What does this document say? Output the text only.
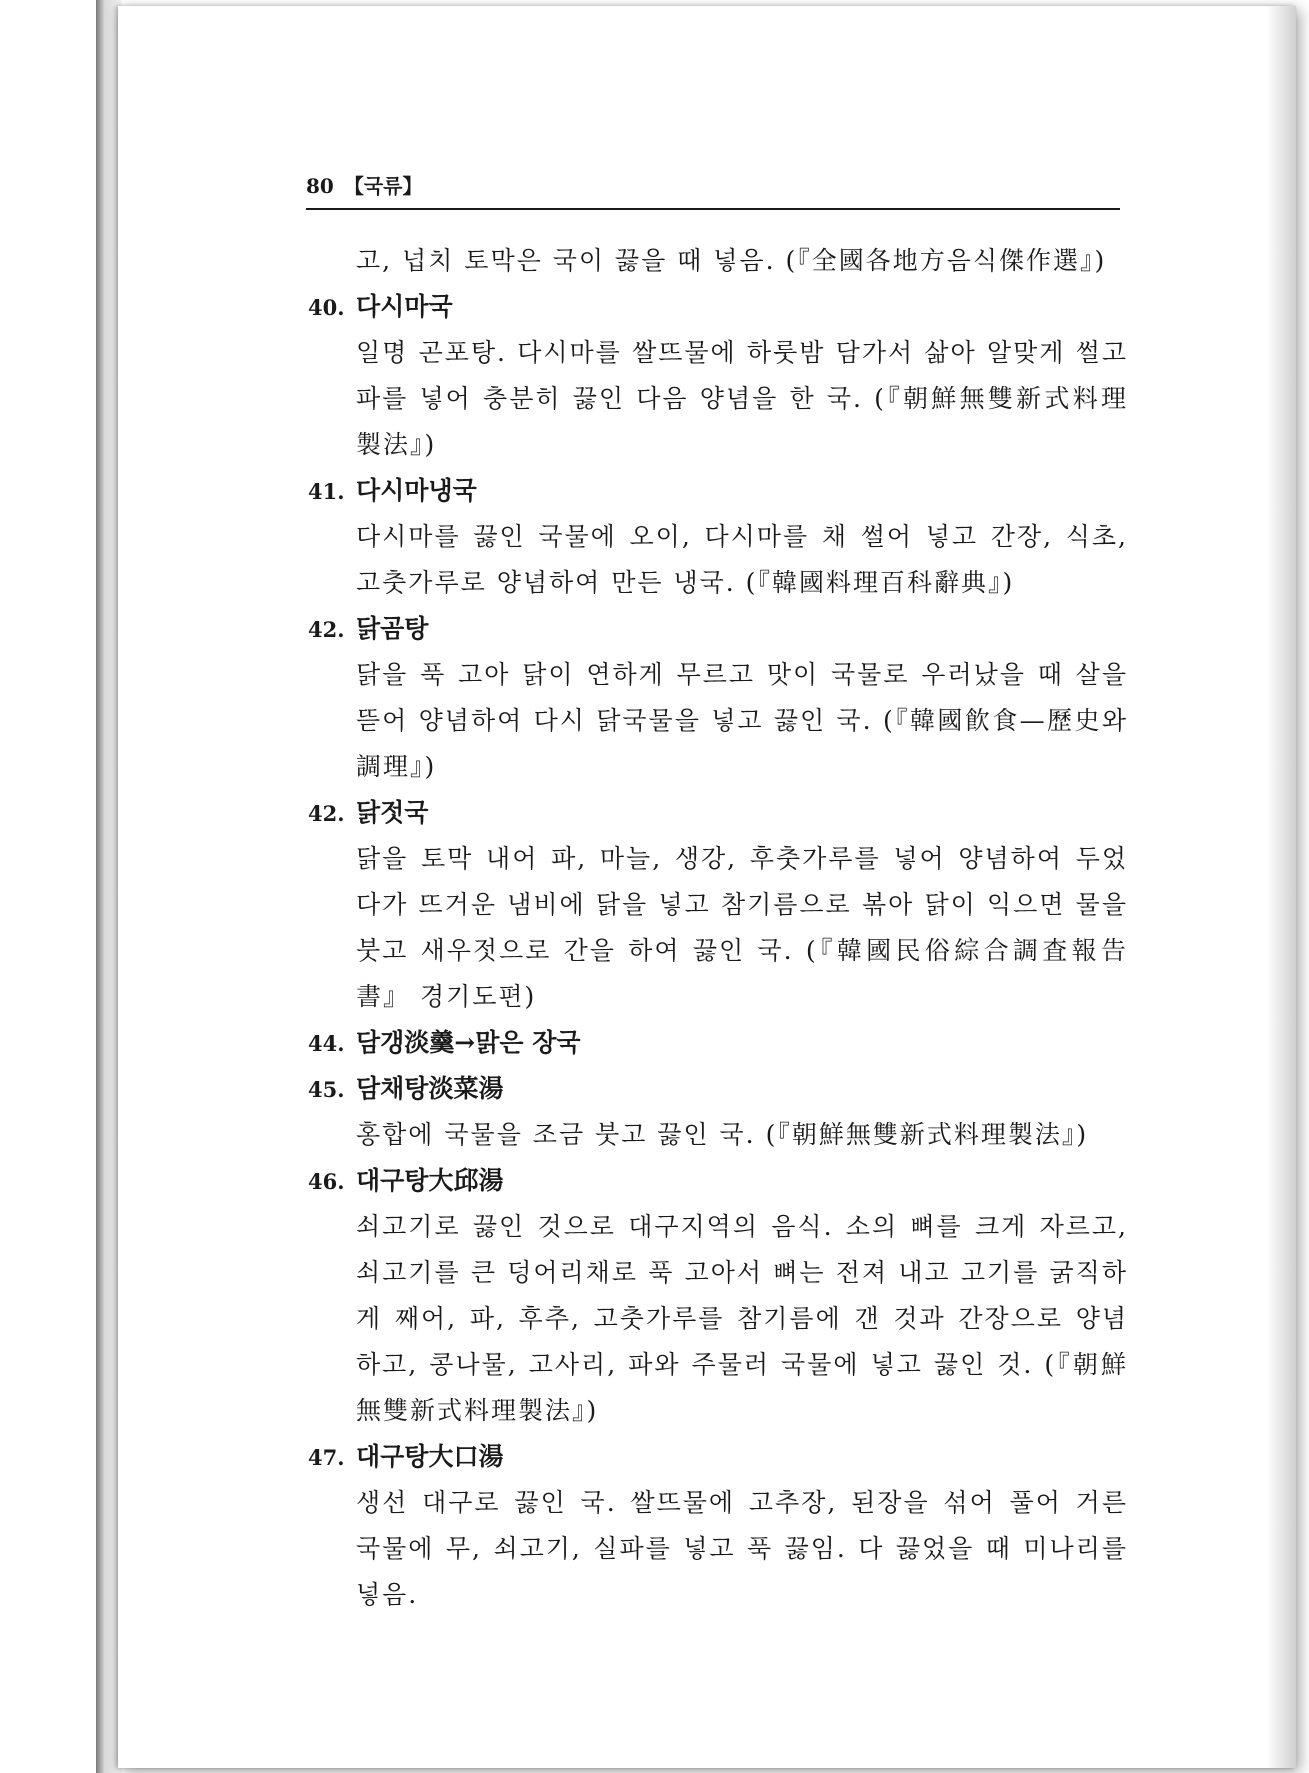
80 【국류】
고, 넙치 토막은 국이 끓을 때 넣음. (『全國各地方음식傑作選』)
40. 다시마국
일명 곤포탕. 다시마를 쌀뜨물에 하룻밤 담가서 삶아 알맞게 썰고 파를 넣어 충분히 끓인 다음 양념을 한 국. (『朝鮮無雙新式料理製法』)
41. 다시마냉국
다시마를 끓인 국물에 오이, 다시마를 채 썰어 넣고 간장, 식초, 고춧가루로 양념하여 만든 냉국. (『韓國料理百科辭典』)
42. 닭곰탕
닭을 푹 고아 닭이 연하게 무르고 맛이 국물로 우러났을 때 살을 뜯어 양념하여 다시 닭국물을 넣고 끓인 국. (『韓國飮食—歷史와 調理』)
42. 닭젓국
닭을 토막 내어 파, 마늘, 생강, 후춧가루를 넣어 양념하여 두었다가 뜨거운 냄비에 닭을 넣고 참기름으로 볶아 닭이 익으면 물을 붓고 새우젓으로 간을 하여 끓인 국. (『韓國民俗綜合調査報告書』 경기도편)
44. 담갱淡羹→맑은 장국
45. 담채탕淡菜湯
홍합에 국물을 조금 붓고 끓인 국. (『朝鮮無雙新式料理製法』)
46. 대구탕大邱湯
쇠고기로 끓인 것으로 대구지역의 음식. 소의 뼈를 크게 자르고, 쇠고기를 큰 덩어리채로 푹 고아서 뼈는 전져 내고 고기를 굵직하게 째어, 파, 후추, 고춧가루를 참기름에 갠 것과 간장으로 양념하고, 콩나물, 고사리, 파와 주물러 국물에 넣고 끓인 것. (『朝鮮無雙新式料理製法』)
47. 대구탕大口湯
생선 대구로 끓인 국. 쌀뜨물에 고추장, 된장을 섞어 풀어 거른 국물에 무, 쇠고기, 실파를 넣고 푹 끓임. 다 끓었을 때 미나리를 넣음.
